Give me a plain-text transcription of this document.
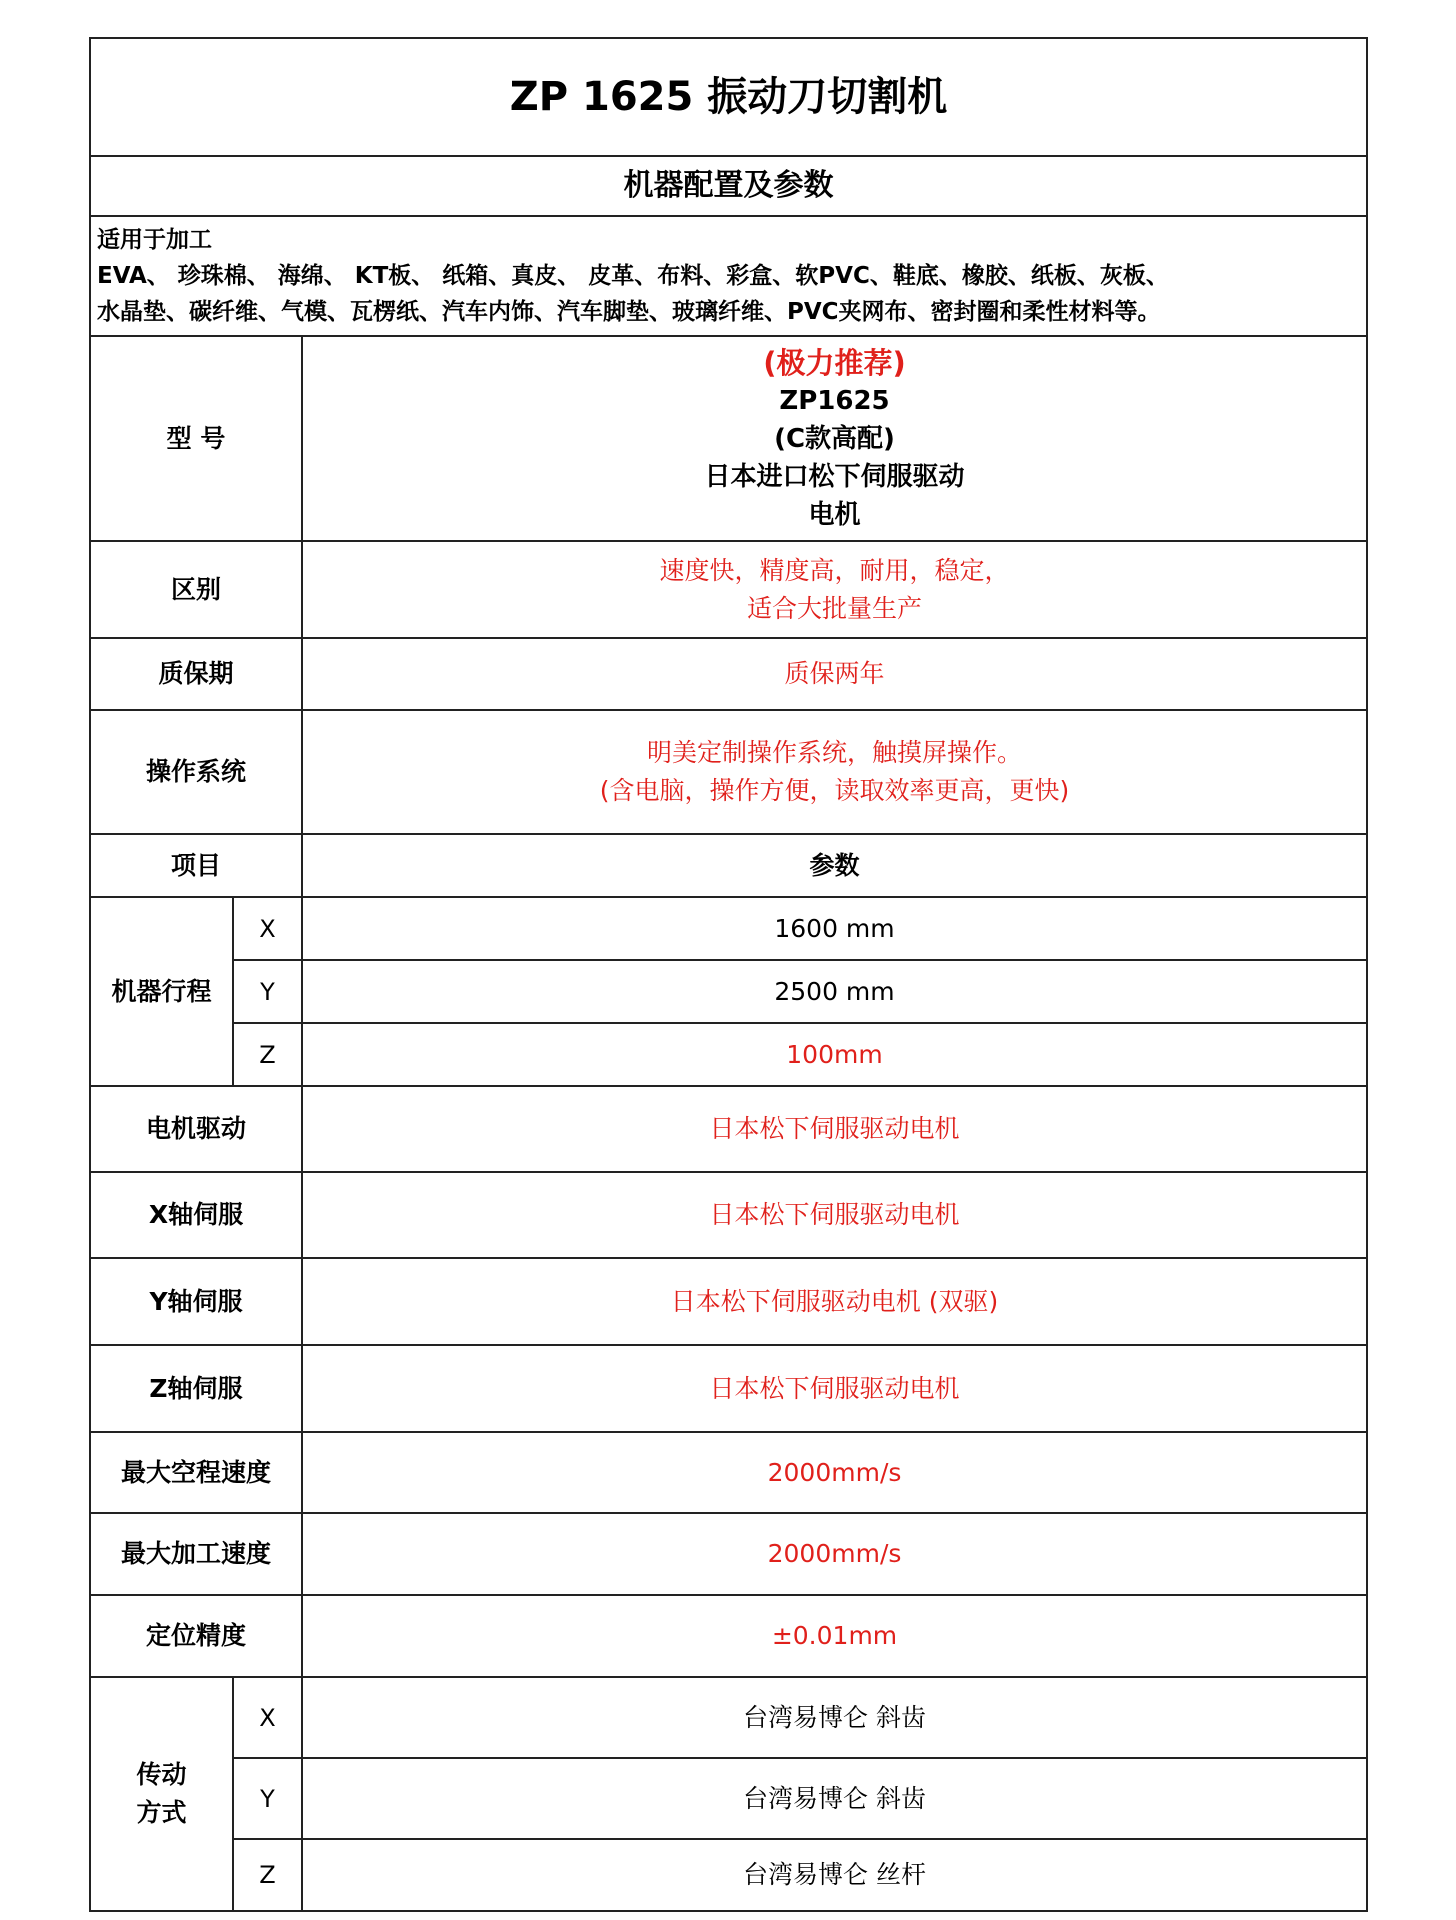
ZP 1625 振动刀切割机		
机器配置及参数		

适用于加工
EVA、 珍珠棉、 海绵、 KT板、 纸箱、真皮、 皮革、布料、彩盒、软PVC、鞋底、橡胶、纸板、灰板、
水晶垫、碳纤维、气模、瓦楞纸、汽车内饰、汽车脚垫、玻璃纤维、PVC夹网布、密封圈和柔性材料等。		

型 号		(极力推荐)
ZP1625
(C款高配)
日本进口松下伺服驱动
电机

区别		速度快，精度高，耐用，稳定，
适合大批量生产

质保期		质保两年
操作系统		明美定制操作系统，触摸屏操作。
(含电脑，操作方便，读取效率更高，更快)

项目		参数
机器行程	X	1600 mm
	Y	2500 mm
	Z	100mm
电机驱动		日本松下伺服驱动电机
X轴伺服		日本松下伺服驱动电机
Y轴伺服		日本松下伺服驱动电机 (双驱)
Z轴伺服		日本松下伺服驱动电机
最大空程速度		2000mm/s
最大加工速度		2000mm/s
定位精度		±0.01mm

传动
方式	X	台湾易博仑 斜齿
	Y	台湾易博仑 斜齿
	Z	台湾易博仑 丝杆
